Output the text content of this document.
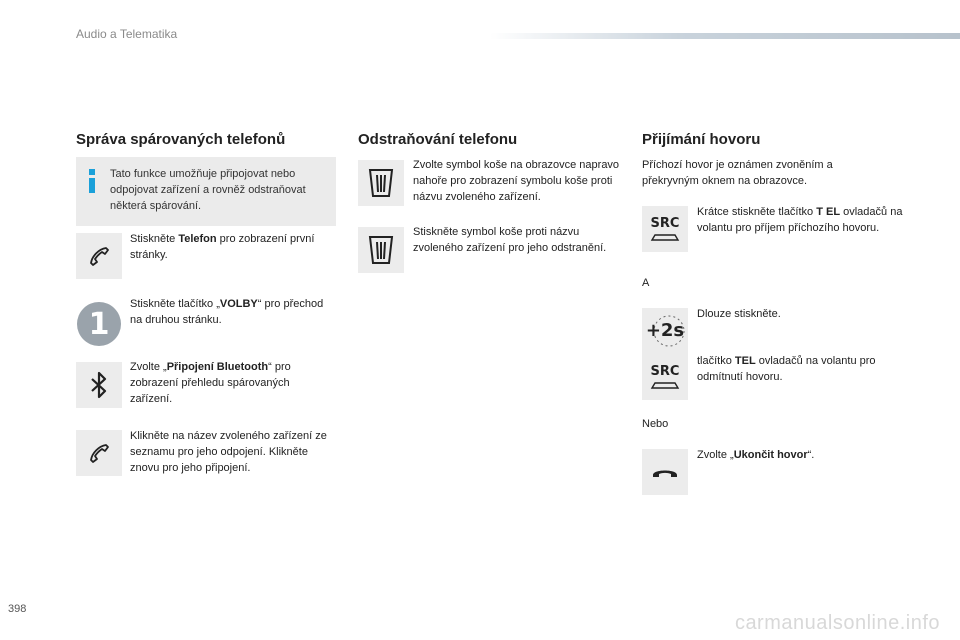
Audio a Telematika
Správa spárovaných telefonů
Tato funkce umožňuje připojovat nebo odpojovat zařízení a rovněž odstraňovat některá spárování.
Stiskněte Telefon pro zobrazení první stránky.
1
Stiskněte tlačítko „VOLBY“ pro přechod na druhou stránku.
Zvolte „Připojení Bluetooth“ pro zobrazení přehledu spárovaných zařízení.
Klikněte na název zvoleného zařízení ze seznamu pro jeho odpojení. Klikněte znovu pro jeho připojení.
Odstraňování telefonu
Zvolte symbol koše na obrazovce napravo nahoře pro zobrazení symbolu koše proti názvu zvoleného zařízení.
Stiskněte symbol koše proti názvu zvoleného zařízení pro jeho odstranění.
Přijímání hovoru
Příchozí hovor je oznámen zvoněním a překryvným oknem na obrazovce.
SRC
Krátce stiskněte tlačítko T EL ovladačů na volantu pro příjem příchozího hovoru.
A
+2s
Dlouze stiskněte.
SRC
tlačítko TEL ovladačů na volantu pro odmítnutí hovoru.
Nebo
Zvolte „Ukončit hovor“.
398
carmanualsonline.info
